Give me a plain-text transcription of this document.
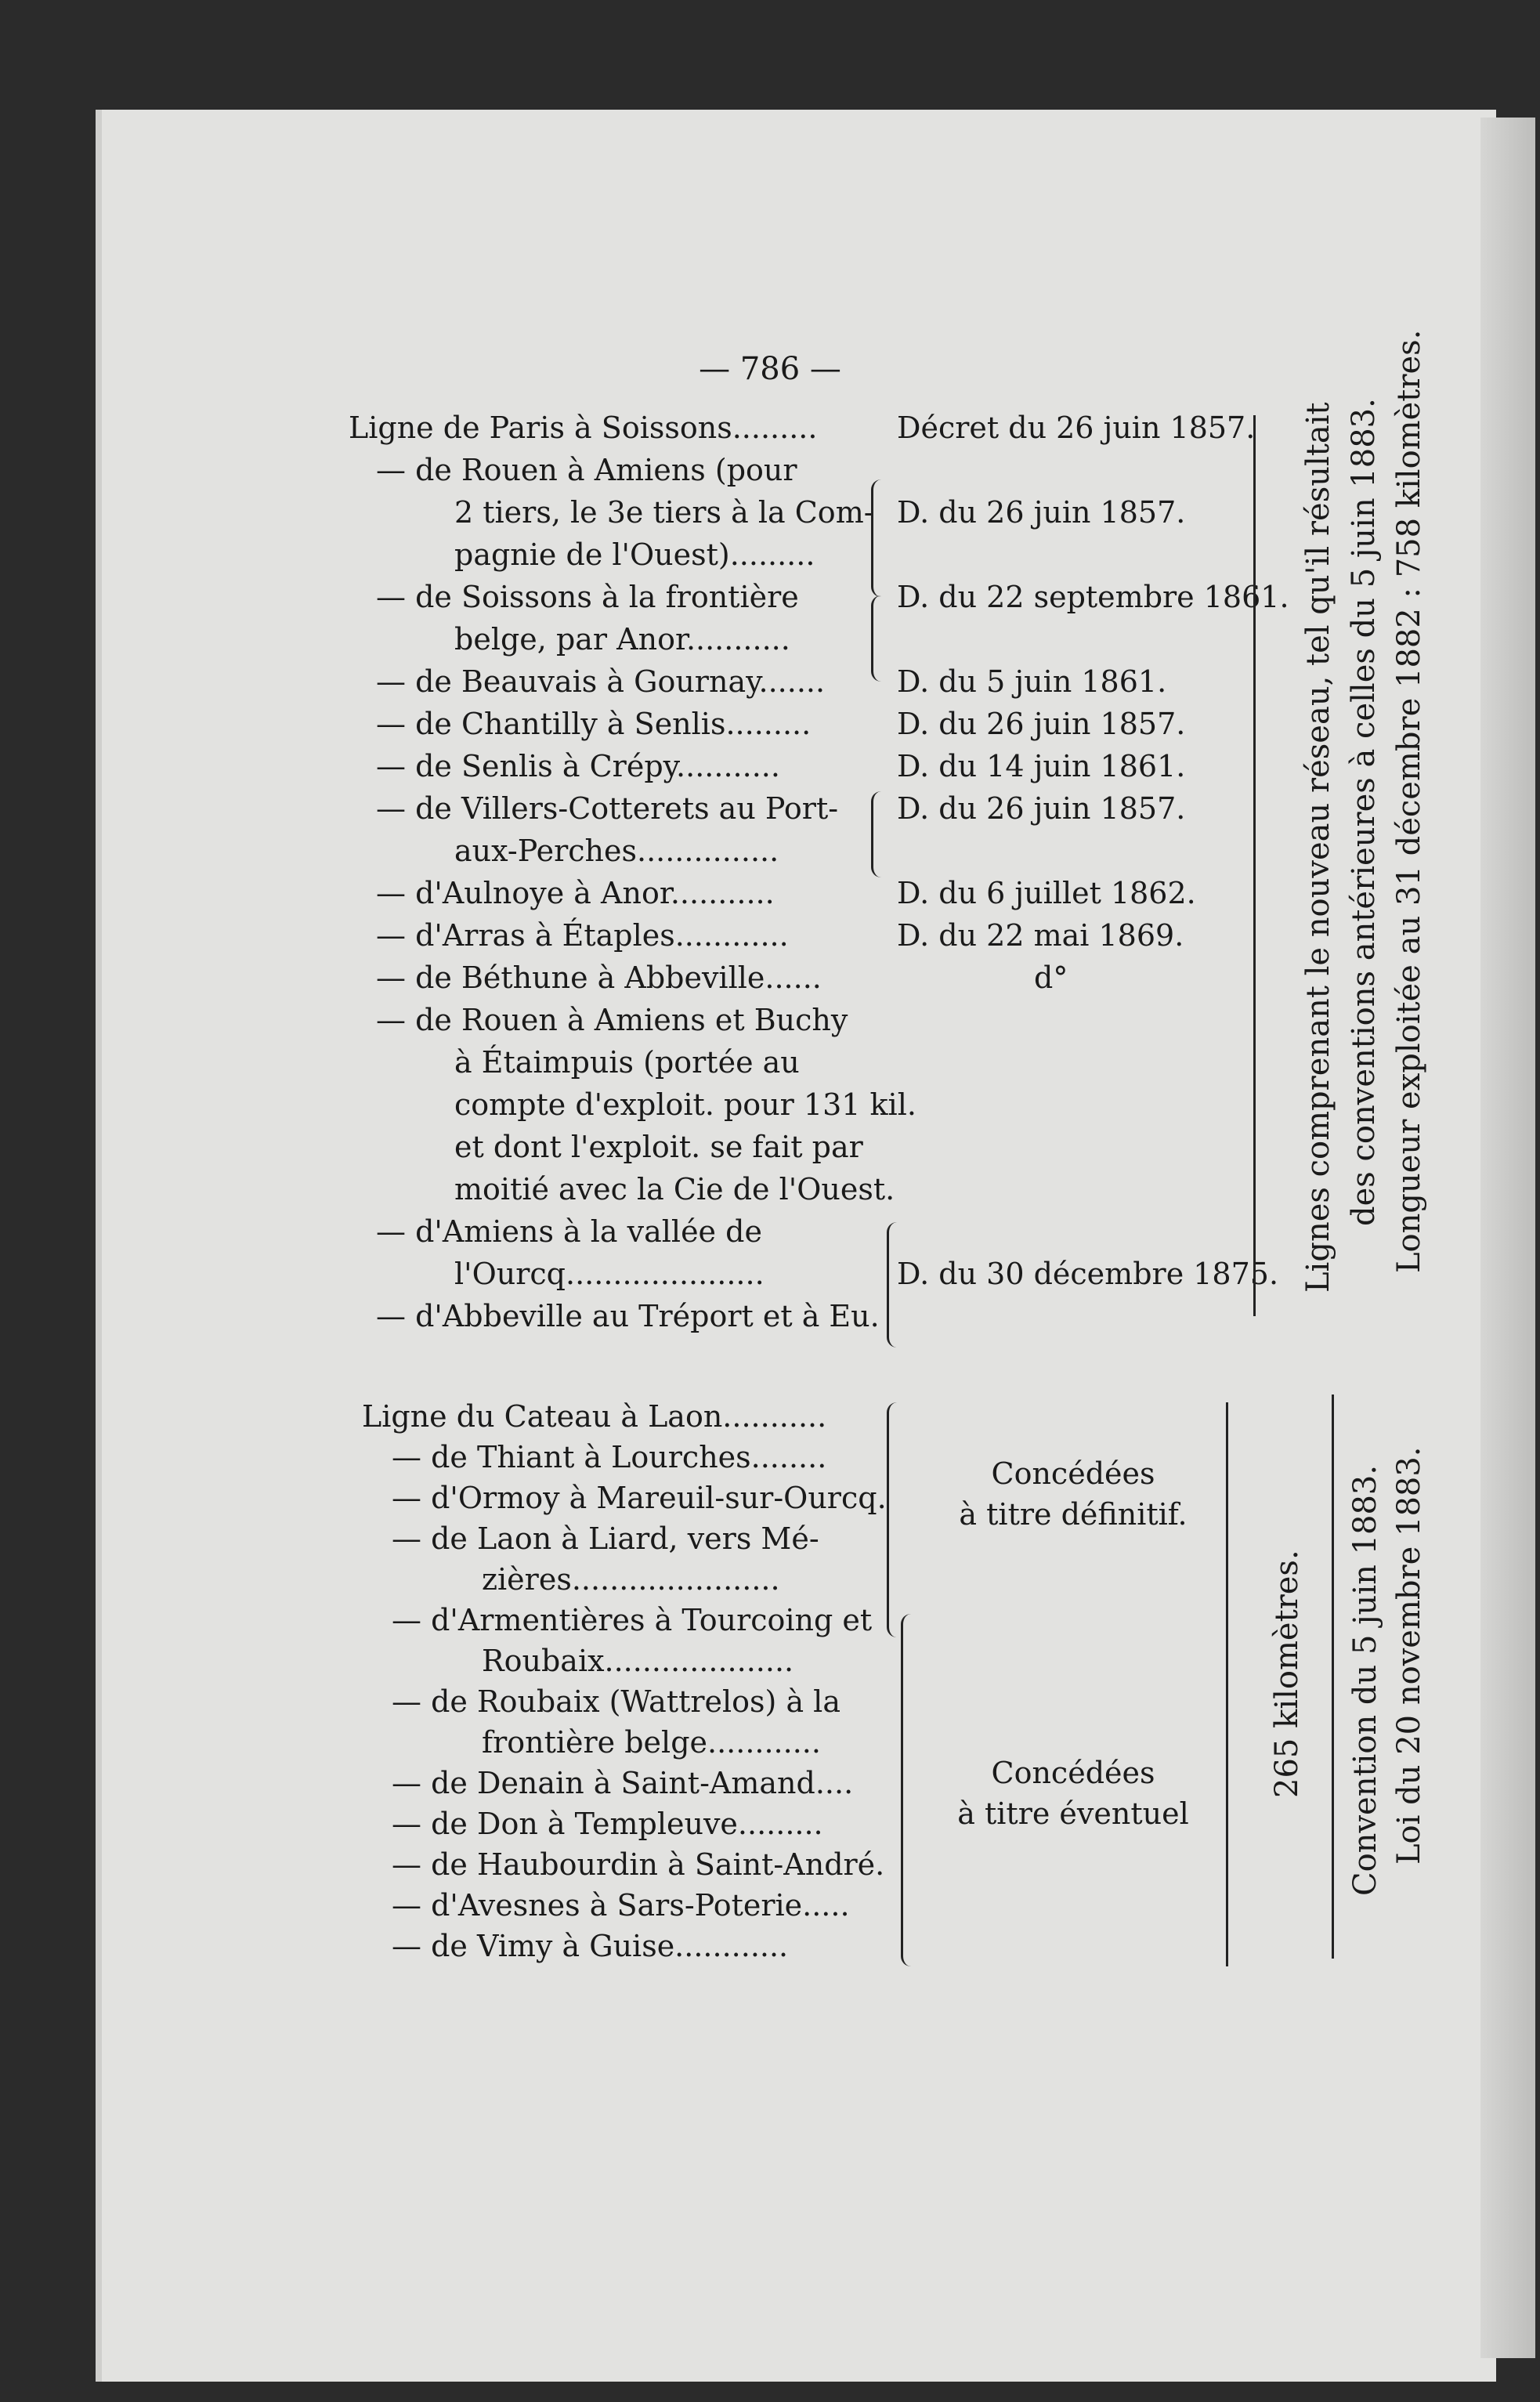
— 786 —
Ligne de Paris à Soissons.........	Décret du 26 juin 1857.
— de Rouen à Amiens (pour
2 tiers, le 3e tiers à la Com- D. du 26 juin 1857.
pagnie de l'Ouest).........
— de Soissons à la frontière	D. du 22 septembre 1861.
belge, par Anor...........
— de Beauvais à Gournay....... D. du 5 juin 1861.
— de Chantilly à Senlis.........	D. du 26 juin 1857.
— de Senlis à Crépy...........	D. du 14 juin 1861.
— de Villers-Cotterets au Port- D. du 26 juin 1857.
aux-Perches...............
— d'Aulnoye à Anor...........	D. du 6 juillet 1862.
— d'Arras à Étaples............	D. du 22 mai 1869.
— de Béthune à Abbeville......	d°
— de Rouen à Amiens et Buchy
à Étaimpuis (portée au
compte d'exploit. pour 131 kil.
et dont l'exploit. se fait par
moitié avec la Cie de l'Ouest.
— d'Amiens à la vallée de
l'Ourcq.....................	D. du 30 décembre 1875.
— d'Abbeville au Tréport et à Eu.
Ligne du Cateau à Laon...........
— de Thiant à Lourches........
— d'Ormoy à Mareuil-sur-Ourcq.
— de Laon à Liard, vers Mé-
zières......................
— d'Armentières à Tourcoing et
Roubaix....................
— de Roubaix (Wattrelos) à la
frontière belge............
— de Denain à Saint-Amand....
— de Don à Templeuve.........
— de Haubourdin à Saint-André.
— d'Avesnes à Sars-Poterie.....
— de Vimy à Guise............
Concédées
à titre définitif.
Concédées
à titre éventuel
Lignes comprenant le nouveau réseau, tel qu'il résultait des conventions antérieures à celles du 5 juin 1883. Longueur exploitée au 31 décembre 1882 : 758 kilomètres.
265 kilomètres. Convention du 5 juin 1883. Loi du 20 novembre 1883.
